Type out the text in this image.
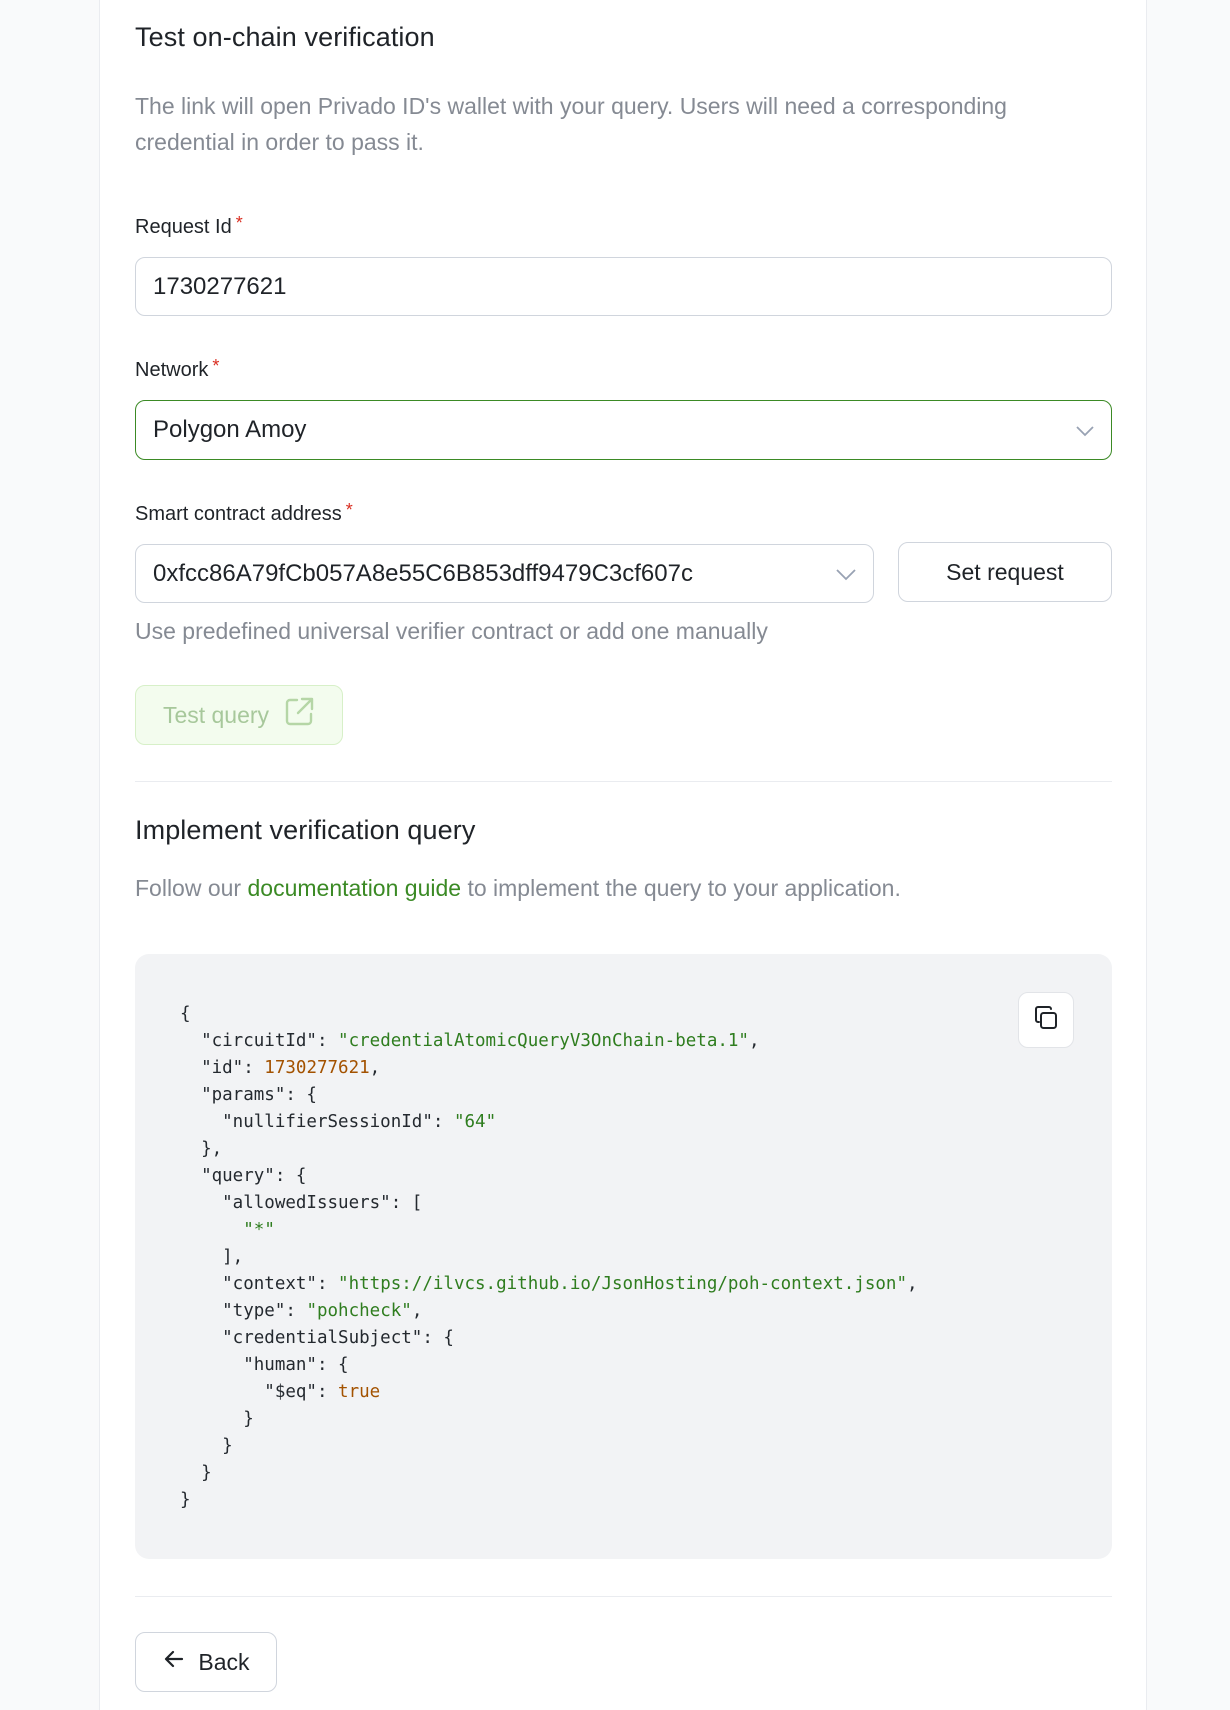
Test on-chain verification
The link will open Privado ID's wallet with your query. Users will need a corresponding credential in order to pass it.
Request Id *
1730277621
Network *
Polygon Amoy
Smart contract address *
0xfcc86A79fCb057A8e55C6B853dff9479C3cf607c	Set request
Use predefined universal verifier contract or add one manually
Test query
Implement verification query
Follow our documentation guide to implement the query to your application.
{
"circuitId": "credentialAtomicQueryV3OnChain-beta.1",
"id": 1730277621,
"params": {
"nullifierSessionId": "64"
},
"query": {
"allowedIssuers": [
"*"
],
"context": "https://ilvcs.github.io/JsonHosting/poh-context.json",
"type": "pohcheck",
"credentialSubject": {
"human": {
"$eq": true
}
}
}
}
Back
